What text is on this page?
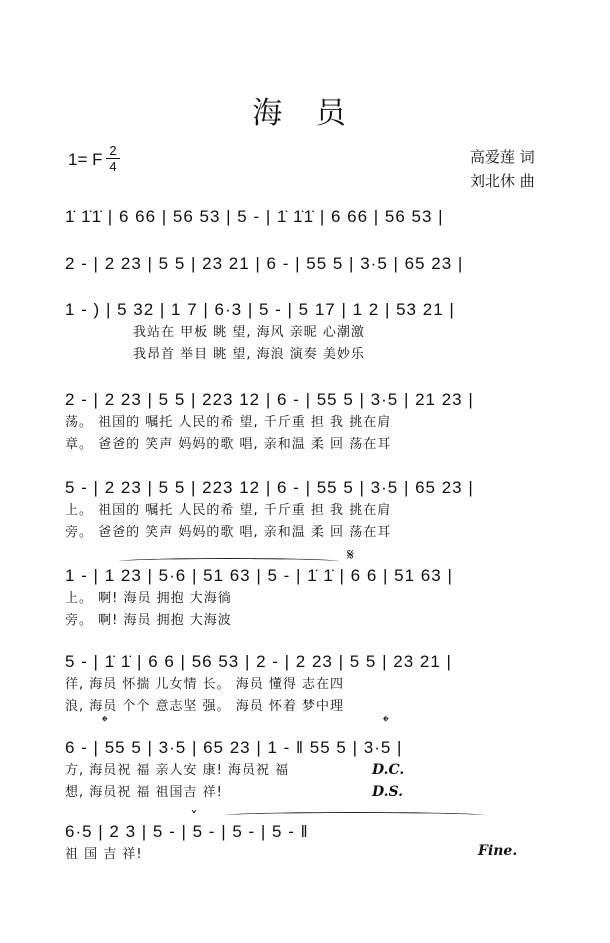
海 员
1= F 2
4
高爱莲 词
刘北休 曲
1̇ 1̇1̇ | 6 66 | 56 53 | 5 - | 1̇ 1̇1̇ | 6 66 | 56 53 |
2 - | 2 23 | 5 5 | 23 21 | 6 - | 55 5 | 3·5 | 65 23 |
1 - ) | 5 32 | 1 7 | 6·3 | 5 - | 5 17 | 1 2 | 53 21 |
我站在 甲板 眺 望, 海风 亲昵 心潮激
我昂首 举目 眺 望, 海浪 演奏 美妙乐
2 - | 2 23 | 5 5 | 223 12 | 6 - | 55 5 | 3·5 | 21 23 |
荡。 祖国的 嘱托 人民的希 望, 千斤重 担 我 挑在肩
章。 爸爸的 笑声 妈妈的歌 唱, 亲和温 柔 回 荡在耳
5 - | 2 23 | 5 5 | 223 12 | 6 - | 55 5 | 3·5 | 65 23 |
上。 祖国的 嘱托 人民的希 望, 千斤重 担 我 挑在肩
旁。 爸爸的 笑声 妈妈的歌 唱, 亲和温 柔 回 荡在耳
1 - | 1 23 | 5·6 | 51 63 | 5 - | 1̇ 1̇ | 6 6 | 51 63 |
上。 啊! 海员 拥抱 大海徜
旁。 啊! 海员 拥抱 大海波
𝄋
5 - | 1̇ 1̇ | 6 6 | 56 53 | 2 - | 2 23 | 5 5 | 23 21 |
徉, 海员 怀揣 儿女情 长。 海员 懂得 志在四
浪, 海员 个个 意志坚 强。 海员 怀着 梦中理
𝄌	𝄌
6 - | 55 5 | 3·5 | 65 23 | 1 - ‖ 55 5 | 3·5 |
方, 海员祝 福 亲人安 康! 海员祝 福
想, 海员祝 福 祖国吉 祥!
D.C.
D.S.
6·5 | 2 3 | 5 - | 5 - | 5 - | 5 - ‖
祖 国 吉 祥!
ˇ
Fine.
